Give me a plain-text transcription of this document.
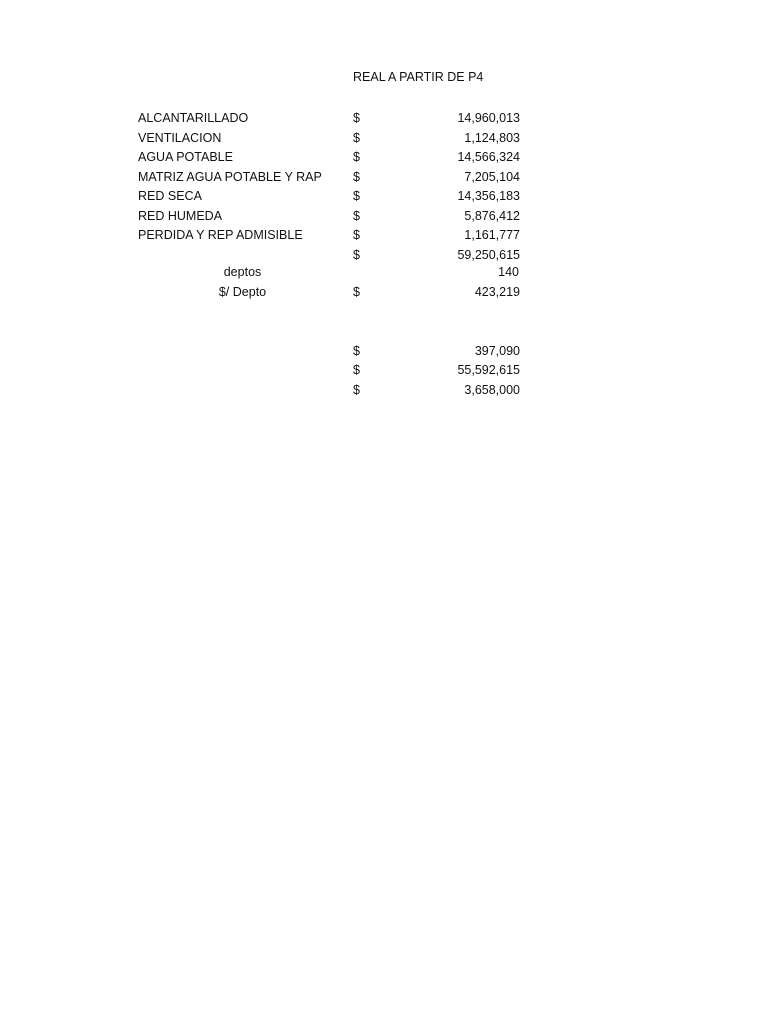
REAL A PARTIR DE P4
ALCANTARILLADO	$	14,960,013
VENTILACION	$	1,124,803
AGUA POTABLE	$	14,566,324
MATRIZ AGUA POTABLE Y RAP $	7,205,104
RED SECA	$	14,356,183
RED HUMEDA	$	5,876,412
PERDIDA Y REP ADMISIBLE	$	1,161,777
$	59,250,615
deptos	140
$/ Depto	$	423,219
$	397,090
$	55,592,615
$	3,658,000
